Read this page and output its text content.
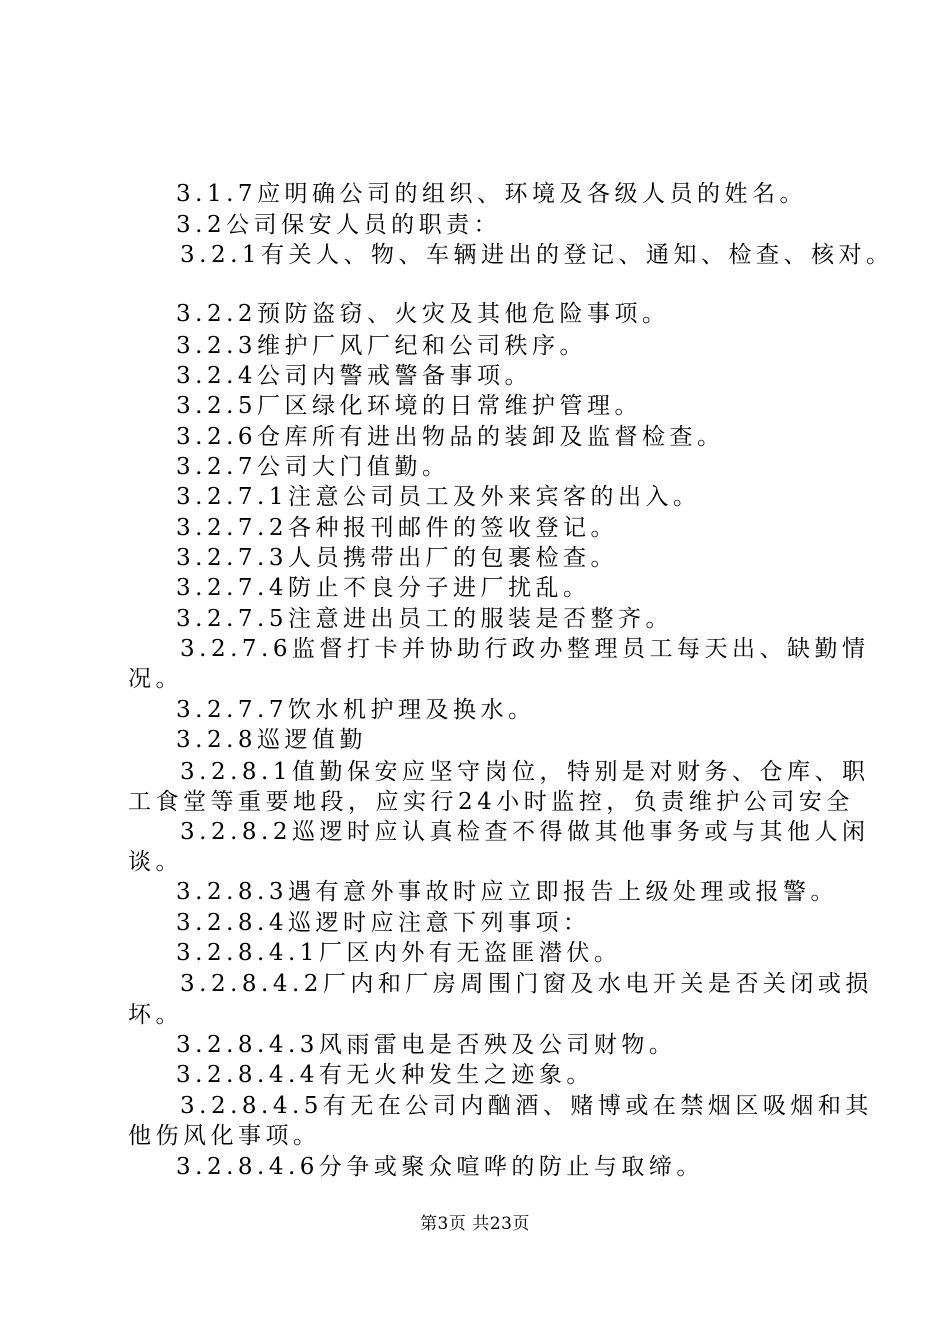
3.1.7应明确公司的组织、环境及各级人员的姓名。
3.2公司保安人员的职责：
3.2.1有关人、物、车辆进出的登记、通知、检查、核对。
3.2.2预防盗窃、火灾及其他危险事项。
3.2.3维护厂风厂纪和公司秩序。
3.2.4公司内警戒警备事项。
3.2.5厂区绿化环境的日常维护管理。
3.2.6仓库所有进出物品的装卸及监督检查。
3.2.7公司大门值勤。
3.2.7.1注意公司员工及外来宾客的出入。
3.2.7.2各种报刊邮件的签收登记。
3.2.7.3人员携带出厂的包裹检查。
3.2.7.4防止不良分子进厂扰乱。
3.2.7.5注意进出员工的服装是否整齐。
3.2.7.6监督打卡并协助行政办整理员工每天出、缺勤情
况。
3.2.7.7饮水机护理及换水。
3.2.8巡逻值勤
3.2.8.1值勤保安应坚守岗位，特别是对财务、仓库、职
工食堂等重要地段，应实行24小时监控，负责维护公司安全
3.2.8.2巡逻时应认真检查不得做其他事务或与其他人闲
谈。
3.2.8.3遇有意外事故时应立即报告上级处理或报警。
3.2.8.4巡逻时应注意下列事项：
3.2.8.4.1厂区内外有无盗匪潜伏。
3.2.8.4.2厂内和厂房周围门窗及水电开关是否关闭或损
坏。
3.2.8.4.3风雨雷电是否殃及公司财物。
3.2.8.4.4有无火种发生之迹象。
3.2.8.4.5有无在公司内酗酒、赌博或在禁烟区吸烟和其
他伤风化事项。
3.2.8.4.6分争或聚众喧哗的防止与取缔。
第3页 共23页
